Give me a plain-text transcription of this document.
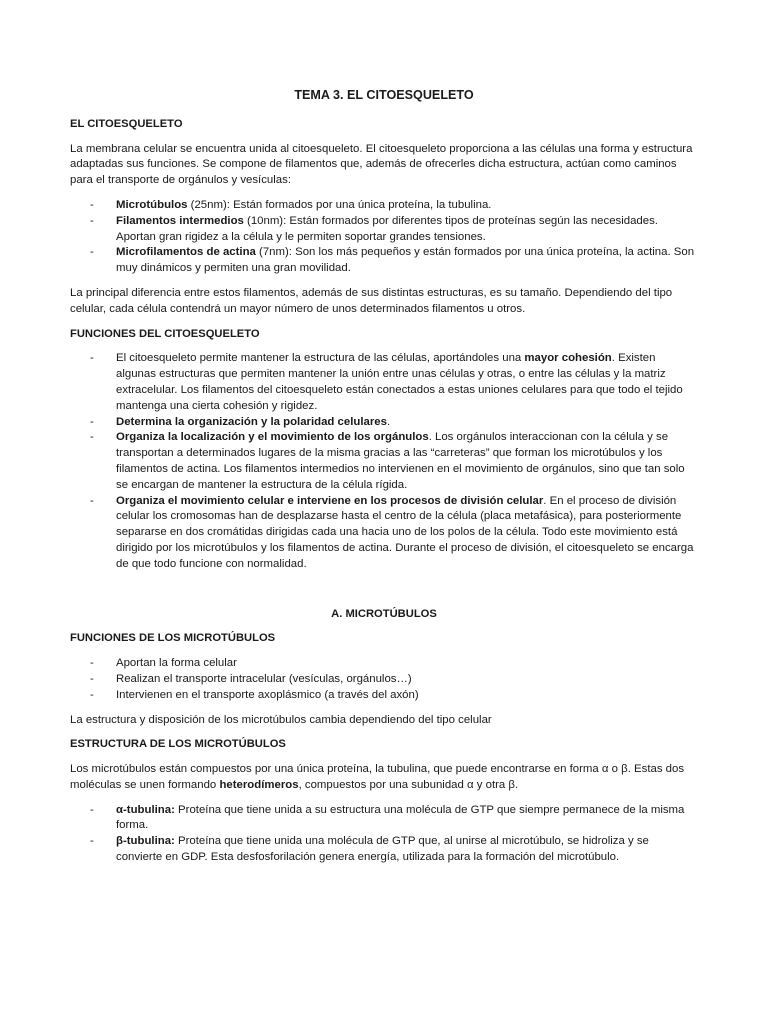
TEMA 3. EL CITOESQUELETO
EL CITOESQUELETO

La membrana celular se encuentra unida al citoesqueleto. El citoesqueleto proporciona a las células una forma y estructura adaptadas sus funciones. Se compone de filamentos que, además de ofrecerles dicha estructura, actúan como caminos para el transporte de orgánulos y vesículas:

- Microtúbulos (25nm): Están formados por una única proteína, la tubulina.
- Filamentos intermedios (10nm): Están formados por diferentes tipos de proteínas según las necesidades. Aportan gran rigidez a la célula y le permiten soportar grandes tensiones.
- Microfilamentos de actina (7nm): Son los más pequeños y están formados por una única proteína, la actina. Son muy dinámicos y permiten una gran movilidad.

La principal diferencia entre estos filamentos, además de sus distintas estructuras, es su tamaño. Dependiendo del tipo celular, cada célula contendrá un mayor número de unos determinados filamentos u otros.

FUNCIONES DEL CITOESQUELETO
- El citoesqueleto permite mantener la estructura de las células, aportándoles una mayor cohesión. Existen algunas estructuras que permiten mantener la unión entre unas células y otras, o entre las células y la matriz extracelular. Los filamentos del citoesqueleto están conectados a estas uniones celulares para que todo el tejido mantenga una cierta cohesión y rigidez.
- Determina la organización y la polaridad celulares.
- Organiza la localización y el movimiento de los orgánulos. Los orgánulos interaccionan con la célula y se transportan a determinados lugares de la misma gracias a las “carreteras” que forman los microtúbulos y los filamentos de actina. Los filamentos intermedios no intervienen en el movimiento de orgánulos, sino que tan solo se encargan de mantener la estructura de la célula rígida.
- Organiza el movimiento celular e interviene en los procesos de división celular. En el proceso de división celular los cromosomas han de desplazarse hasta el centro de la célula (placa metafásica), para posteriormente separarse en dos cromátidas dirigidas cada una hacia uno de los polos de la célula. Todo este movimiento está dirigido por los microtúbulos y los filamentos de actina. Durante el proceso de división, el citoesqueleto se encarga de que todo funcione con normalidad.
A. MICROTÚBULOS
FUNCIONES DE LOS MICROTÚBULOS
- Aportan la forma celular
- Realizan el transporte intracelular (vesículas, orgánulos…)
- Intervienen en el transporte axoplásmico (a través del axón)

La estructura y disposición de los microtúbulos cambia dependiendo del tipo celular

ESTRUCTURA DE LOS MICROTÚBULOS

Los microtúbulos están compuestos por una única proteína, la tubulina, que puede encontrarse en forma α o β. Estas dos moléculas se unen formando heterodímeros, compuestos por una subunidad α y otra β.

- α-tubulina: Proteína que tiene unida a su estructura una molécula de GTP que siempre permanece de la misma forma.
- β-tubulina: Proteína que tiene unida una molécula de GTP que, al unirse al microtúbulo, se hidroliza y se convierte en GDP. Esta desfosforilación genera energía, utilizada para la formación del microtúbulo.
